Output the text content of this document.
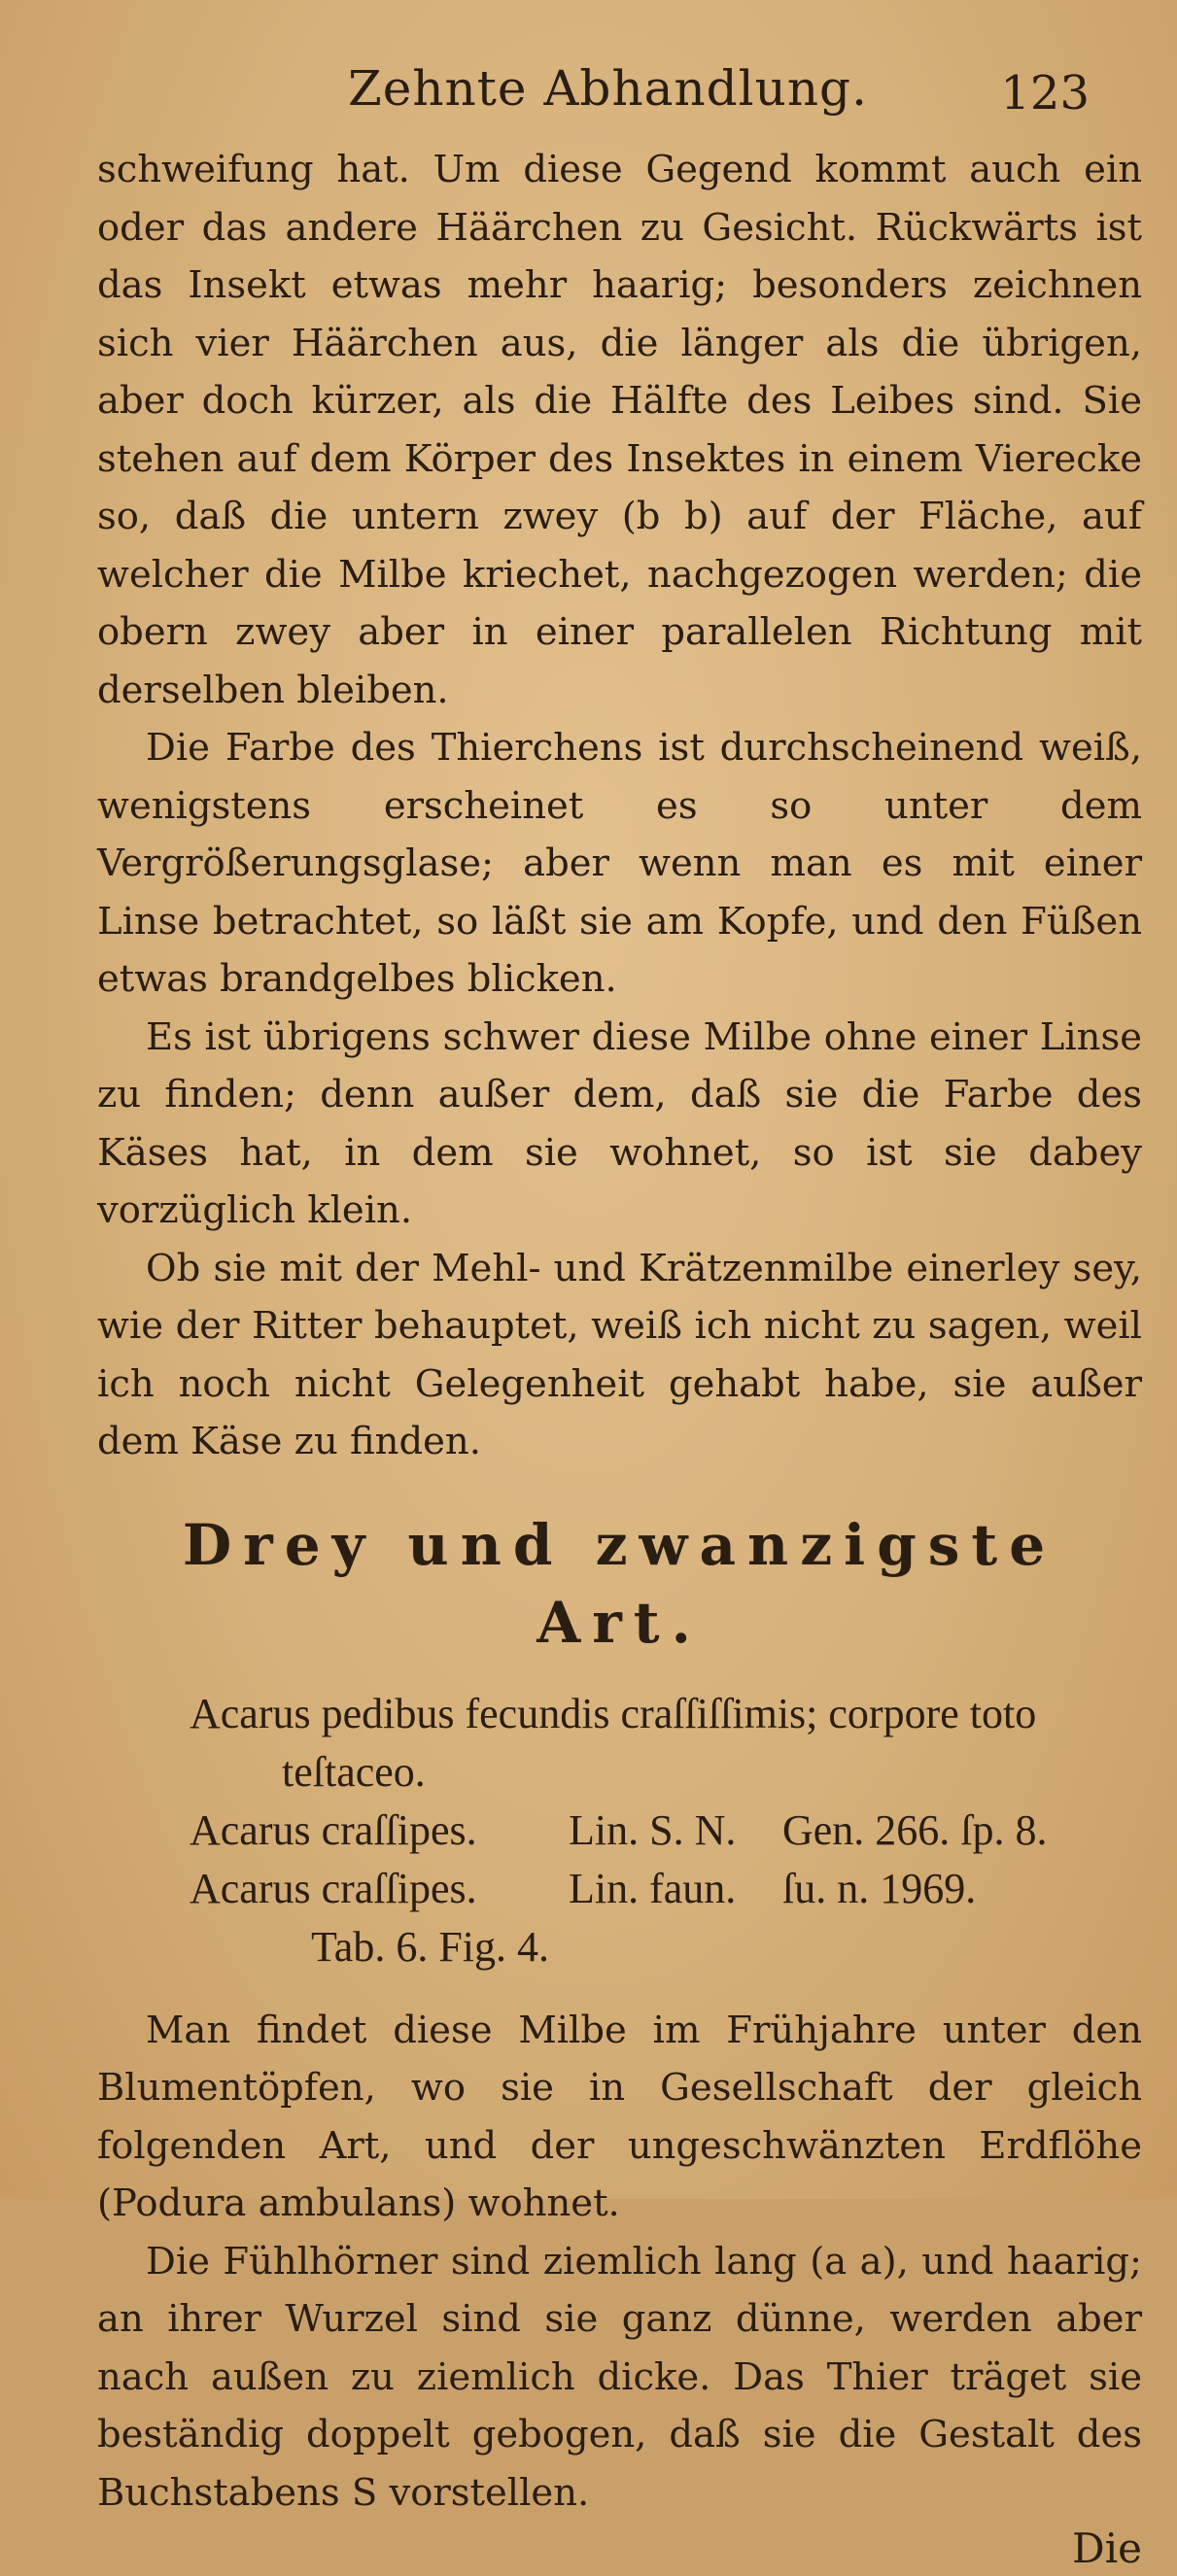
Zehnte Abhandlung.	123

schweifung hat. Um diese Gegend kommt auch ein oder das andere Häärchen zu Gesicht. Rückwärts ist das Insekt etwas mehr haarig; besonders zeichnen sich vier Häärchen aus, die länger als die übrigen, aber doch kürzer, als die Hälfte des Leibes sind. Sie stehen auf dem Körper des Insektes in einem Vierecke so, daß die untern zwey (b b) auf der Fläche, auf welcher die Milbe kriechet, nachgezogen werden; die obern zwey aber in einer parallelen Richtung mit derselben bleiben.

Die Farbe des Thierchens ist durchscheinend weiß, wenigstens erscheinet es so unter dem Vergrößerungsglase; aber wenn man es mit einer Linse betrachtet, so läßt sie am Kopfe, und den Füßen etwas brandgelbes blicken.

Es ist übrigens schwer diese Milbe ohne einer Linse zu finden; denn außer dem, daß sie die Farbe des Käses hat, in dem sie wohnet, so ist sie dabey vorzüglich klein.

Ob sie mit der Mehl- und Krätzenmilbe einerley sey, wie der Ritter behauptet, weiß ich nicht zu sagen, weil ich noch nicht Gelegenheit gehabt habe, sie außer dem Käse zu finden.

Drey und zwanzigste Art.
Acarus pedibus fecundis craſſiſſimis; corpore toto
teſtaceo.
Acarus craſſipes. Lin. S. N. Gen. 266. ſp. 8.
Acarus craſſipes. Lin. faun. ſu. n. 1969.
Tab. 6. Fig. 4.

Man findet diese Milbe im Frühjahre unter den Blumentöpfen, wo sie in Gesellschaft der gleich folgenden Art, und der ungeschwänzten Erdflöhe (Podura ambulans) wohnet.

Die Fühlhörner sind ziemlich lang (a a), und haarig; an ihrer Wurzel sind sie ganz dünne, werden aber nach außen zu ziemlich dicke. Das Thier träget sie beständig doppelt gebogen, daß sie die Gestalt des Buchstabens S vorstellen.

Die
